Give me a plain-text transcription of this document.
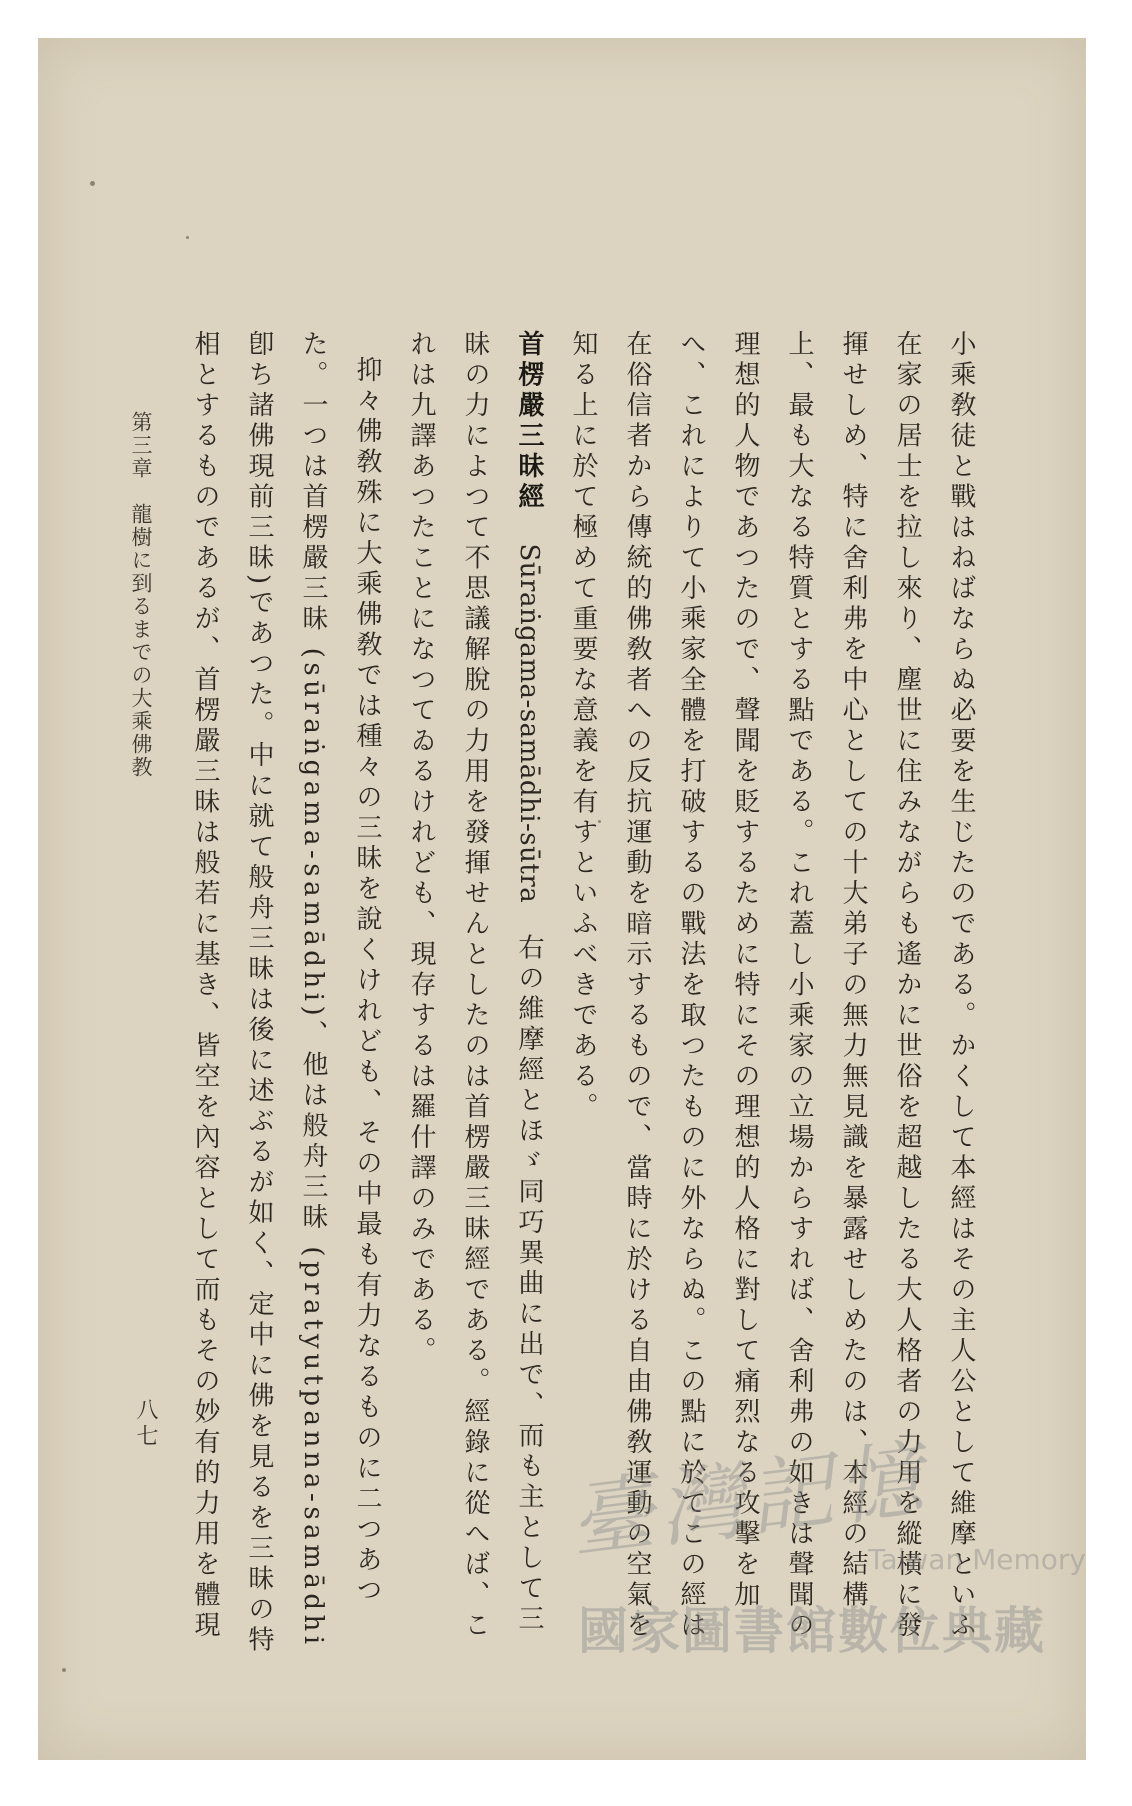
小乘敎徒と戰はねばならぬ必要を生じたのである。かくして本經はその主人公として維摩といふ在家の居士を拉し來り、塵世に住みながらも遙かに世俗を超越したる大人格者の力用を縱橫に發揮せしめ、特に舍利弗を中心としての十大弟子の無力無見識を暴露せしめたのは、本經の結構上、最も大なる特質とする點である。これ蓋し小乘家の立場からすれば、舍利弗の如きは聲聞の理想的人物であつたので、聲聞を貶するために特にその理想的人格に對して痛烈なる攻擊を加へ、これによりて小乘家全體を打破するの戰法を取つたものに外ならぬ。この點に於てこの經は在俗信者から傳統的佛敎者への反抗運動を暗示するもので、當時に於ける自由佛敎運動の空氣を知る上に於て極めて重要な意義を有すといふべきである。

首楞嚴三昧經　Sūraṅgama-samādhi-sūtra　右の維摩經とほゞ同巧異曲に出で、而も主として三昧の力によつて不思議解脫の力用を發揮せんとしたのは首楞嚴三昧經である。經錄に從へば、これは九譯あつたことになつてゐるけれども、現存するは羅什譯のみである。

抑々佛敎殊に大乘佛敎では種々の三昧を說くけれども、その中最も有力なるものに二つあつた。一つは首楞嚴三昧 (sūraṅgama-samādhi)、他は般舟三昧 (pratyutpanna-samādhi 卽ち諸佛現前三昧)であつた。中に就て般舟三昧は後に述ぶるが如く、定中に佛を見るを三昧の特相とするものであるが、首楞嚴三昧は般若に基き、皆空を內容として而もその妙有的力用を體現

第三章　龍樹に到るまでの大乘佛教
八七
臺灣記憶
Taiwan Memory
國家圖書館數位典藏
